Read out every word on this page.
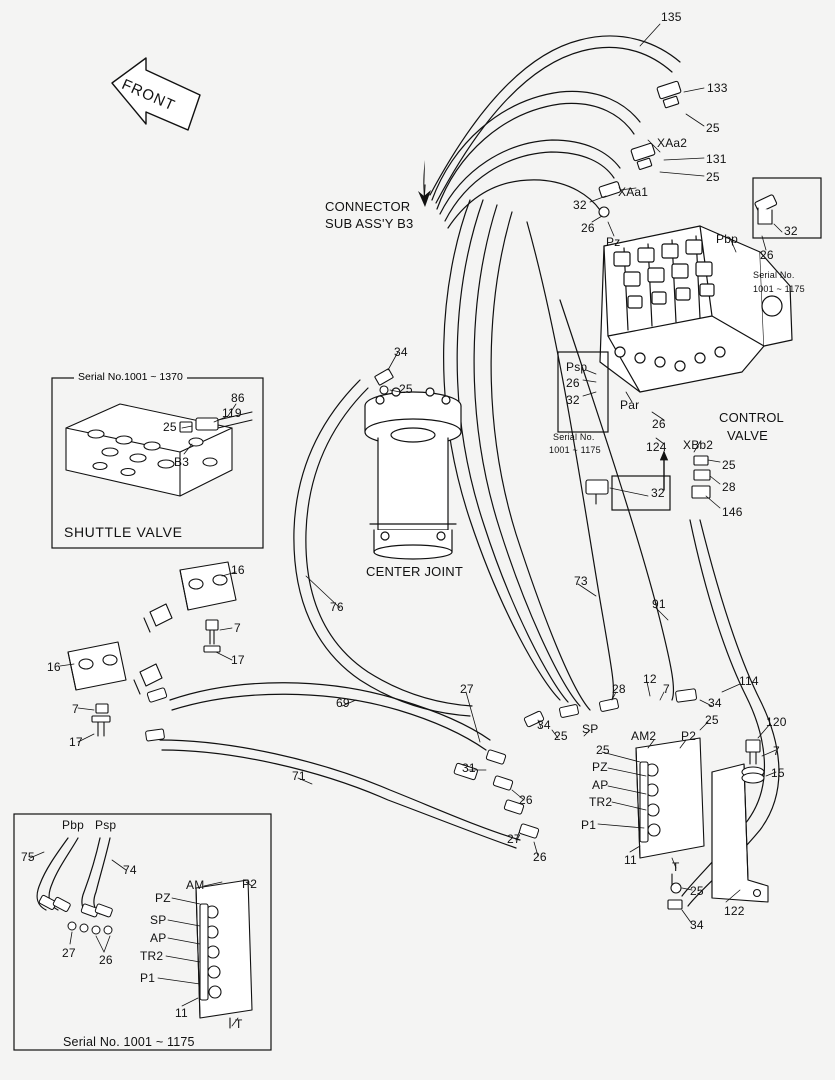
FRONT
CONNECTOR
SUB ASS'Y B3
CONTROL
VALVE
CENTER JOINT
Serial No.1001 ~ 1370
SHUTTLE VALVE
Serial No.
1001 ~ 1175
Serial No.
1001 ~ 1175
Serial No. 1001 ~ 1175
135
133
25
XAa2
131
25
XAa1
32
26
Pz	Pbp
32
26
Psp
26
32	Par
26
124 XBb2
25
28
146
32
34
25
119
86
25
B3
73
91
76
16
7
17
16
7
17
69
71
27
31
26
27
26
34
25 SP
28
12
7
34
114
AM2 P2
25
25
PZ
AP
TR2
P1
11	T
120
7
15
122
25
34
Pbp Psp
75
74
27 26
AM	P2
PZ
SP
AP
TR2
P1
11
T
